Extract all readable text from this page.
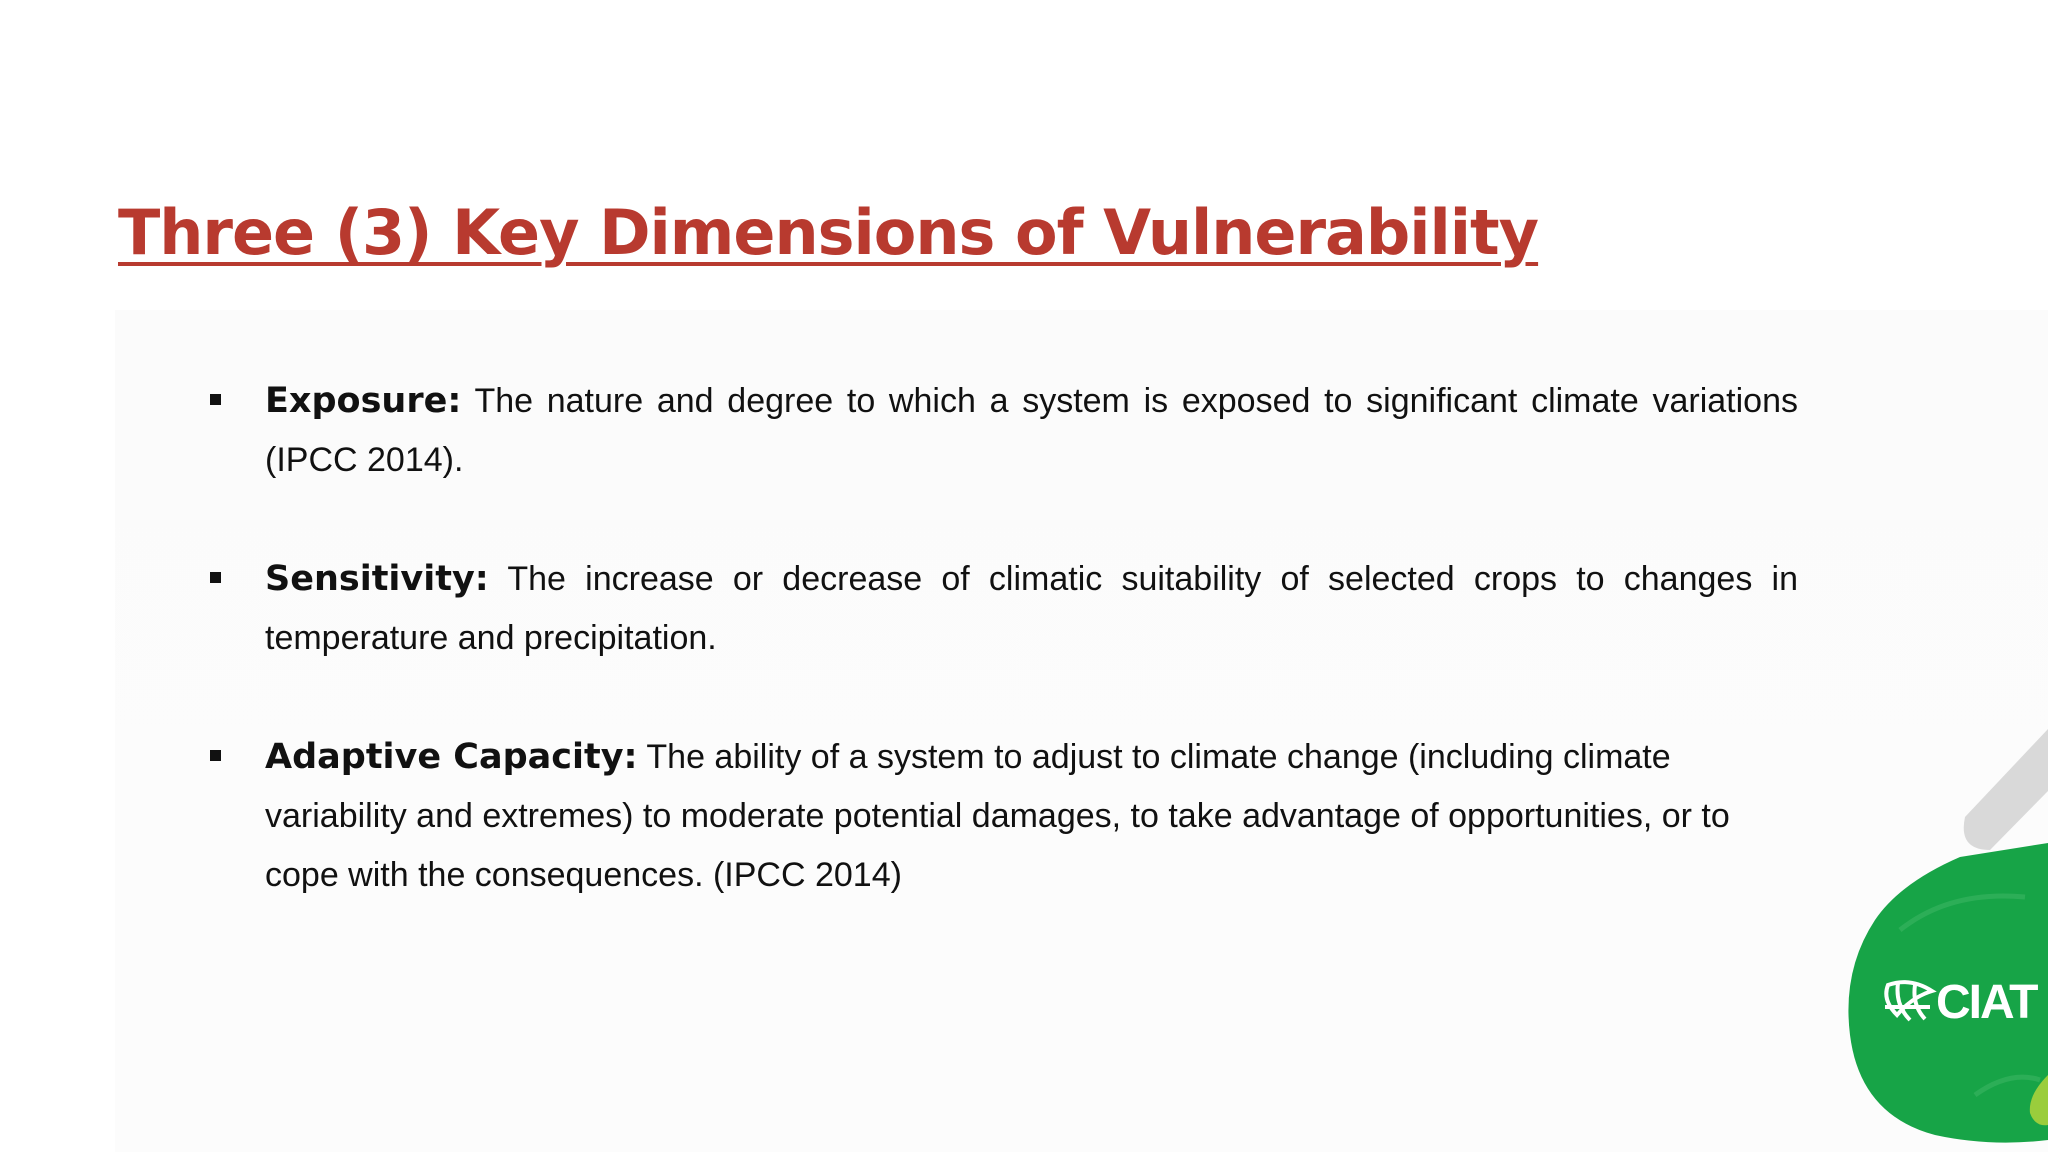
Three (3) Key Dimensions of Vulnerability
Exposure: The nature and degree to which a system is exposed to significant climate variations (IPCC 2014).
Sensitivity: The increase or decrease of climatic suitability of selected crops to changes in temperature and precipitation.
Adaptive Capacity: The ability of a system to adjust to climate change (including climate variability and extremes) to moderate potential damages, to take advantage of opportunities, or to cope with the consequences. (IPCC 2014)
CIAT
